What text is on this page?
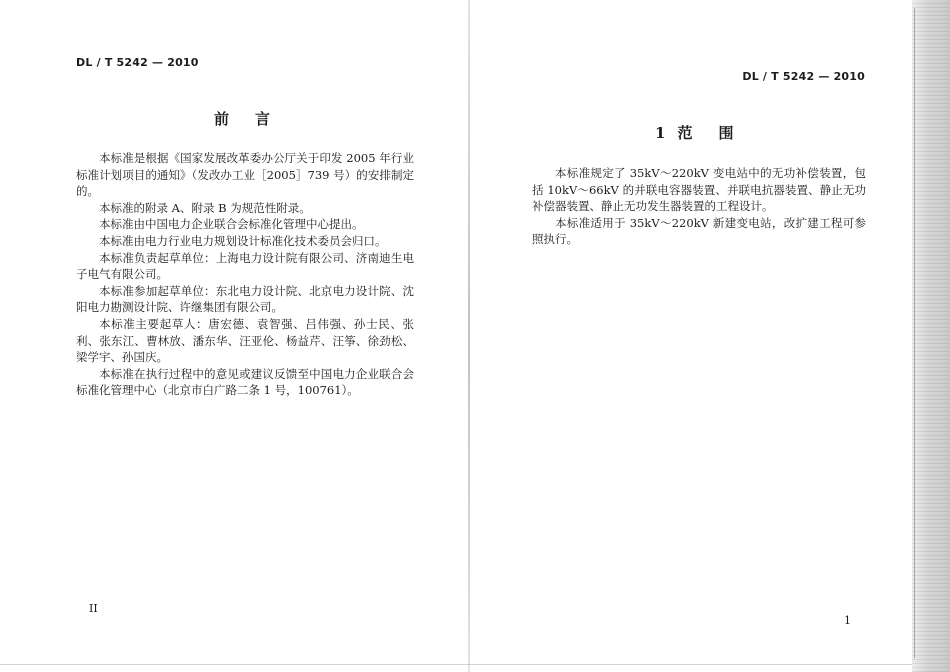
DL / T 5242 — 2010
前言

本标准是根据《国家发展改革委办公厅关于印发 2005 年行业标准计划项目的通知》（发改办工业［2005］739 号）的安排制定的。

本标准的附录 A、附录 B 为规范性附录。

本标准由中国电力企业联合会标准化管理中心提出。

本标准由电力行业电力规划设计标准化技术委员会归口。

本标准负责起草单位：上海电力设计院有限公司、济南迪生电子电气有限公司。

本标准参加起草单位：东北电力设计院、北京电力设计院、沈阳电力勘测设计院、许继集团有限公司。

本标准主要起草人：唐宏德、袁智强、吕伟强、孙士民、张利、张东江、曹林放、潘东华、汪亚伦、杨益芹、汪筝、徐劲松、梁学宇、孙国庆。

本标准在执行过程中的意见或建议反馈至中国电力企业联合会标准化管理中心（北京市白广路二条 1 号，100761）。

II
DL / T 5242 — 2010
1 范围

本标准规定了 35kV～220kV 变电站中的无功补偿装置，包括 10kV～66kV 的并联电容器装置、并联电抗器装置、静止无功补偿器装置、静止无功发生器装置的工程设计。

本标准适用于 35kV～220kV 新建变电站，改扩建工程可参照执行。

1
